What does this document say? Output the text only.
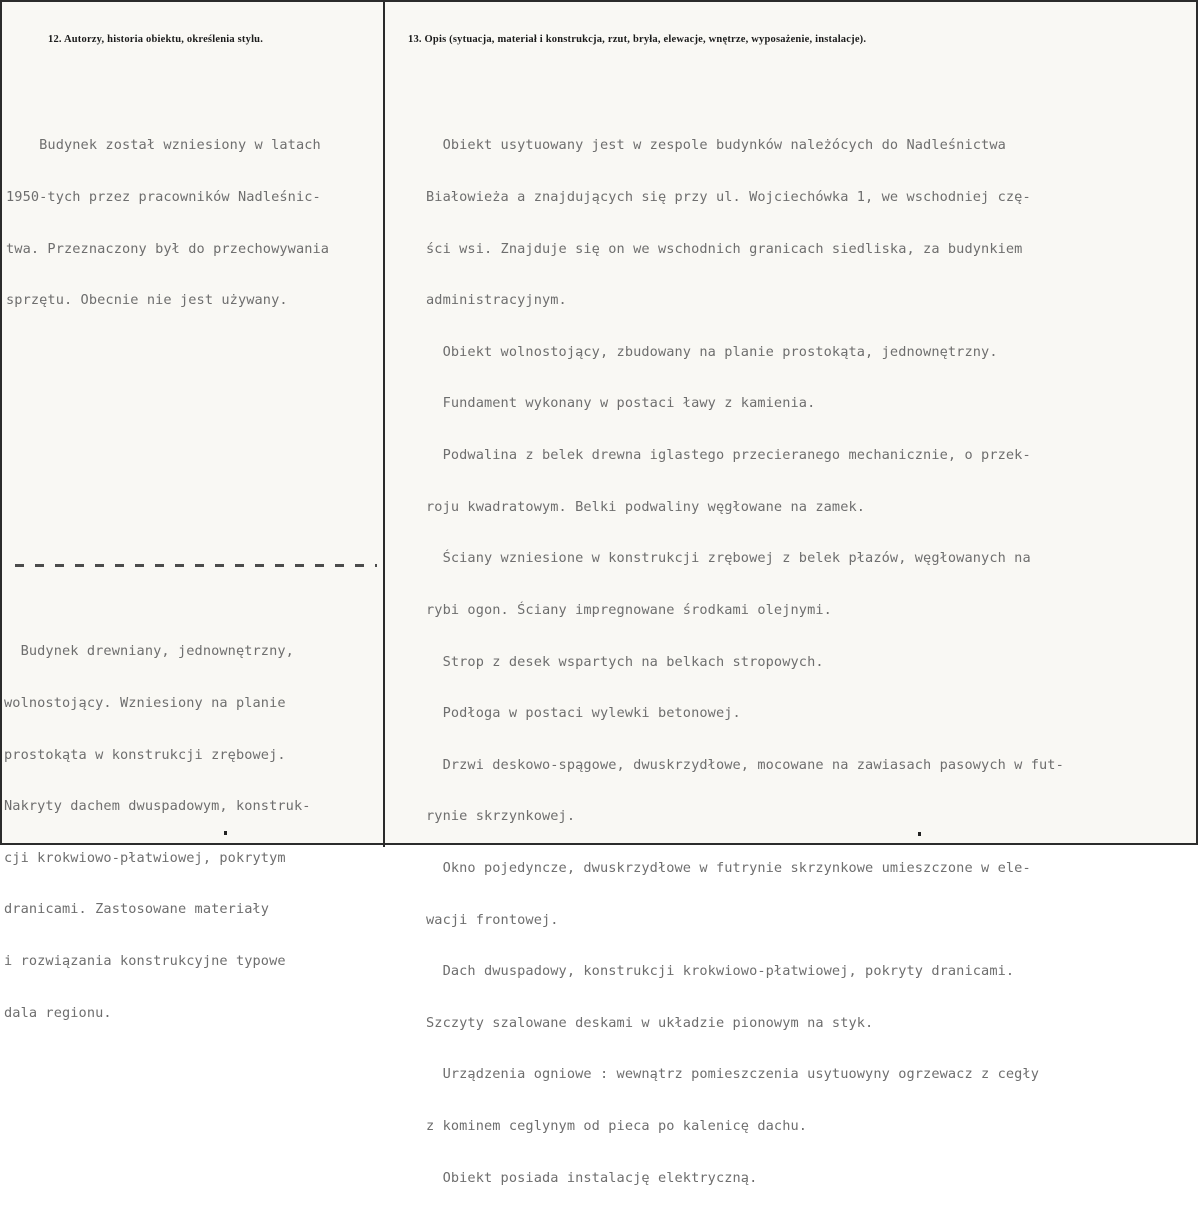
12. Autorzy, historia obiektu, określenia stylu.	13. Opis (sytuacja, materiał i konstrukcja, rzut, bryła, elewacje, wnętrze, wyposażenie, instalacje).

Budynek został wzniesiony w latach

1950-tych przez pracowników Nadleśnic-

twa. Przeznaczony był do przechowywania

sprzętu. Obecnie nie jest używany.

Budynek drewniany, jednownętrzny,

wolnostojący. Wzniesiony na planie

prostokąta w konstrukcji zrębowej.

Nakryty dachem dwuspadowym, konstruk-

cji krokwiowo-płatwiowej, pokrytym

dranicami. Zastosowane materiały

i rozwiązania konstrukcyjne typowe

dala regionu.

Obiekt usytuowany jest w zespole budynków należócych do Nadleśnictwa

Białowieża a znajdujących się przy ul. Wojciechówka 1, we wschodniej czę-

ści wsi. Znajduje się on we wschodnich granicach siedliska, za budynkiem

administracyjnym.

Obiekt wolnostojący, zbudowany na planie prostokąta, jednownętrzny.

Fundament wykonany w postaci ławy z kamienia.

Podwalina z belek drewna iglastego przecieranego mechanicznie, o przek-

roju kwadratowym. Belki podwaliny węgłowane na zamek.

Ściany wzniesione w konstrukcji zrębowej z belek płazów, węgłowanych na

rybi ogon. Ściany impregnowane środkami olejnymi.

Strop z desek wspartych na belkach stropowych.

Podłoga w postaci wylewki betonowej.

Drzwi deskowo-spągowe, dwuskrzydłowe, mocowane na zawiasach pasowych w fut-

rynie skrzynkowej.

Okno pojedyncze, dwuskrzydłowe w futrynie skrzynkowe umieszczone w ele-

wacji frontowej.

Dach dwuspadowy, konstrukcji krokwiowo-płatwiowej, pokryty dranicami.

Szczyty szalowane deskami w układzie pionowym na styk.

Urządzenia ogniowe : wewnątrz pomieszczenia usytuowyny ogrzewacz z cegły

z kominem ceglynym od pieca po kalenicę dachu.

Obiekt posiada instalację elektryczną.
